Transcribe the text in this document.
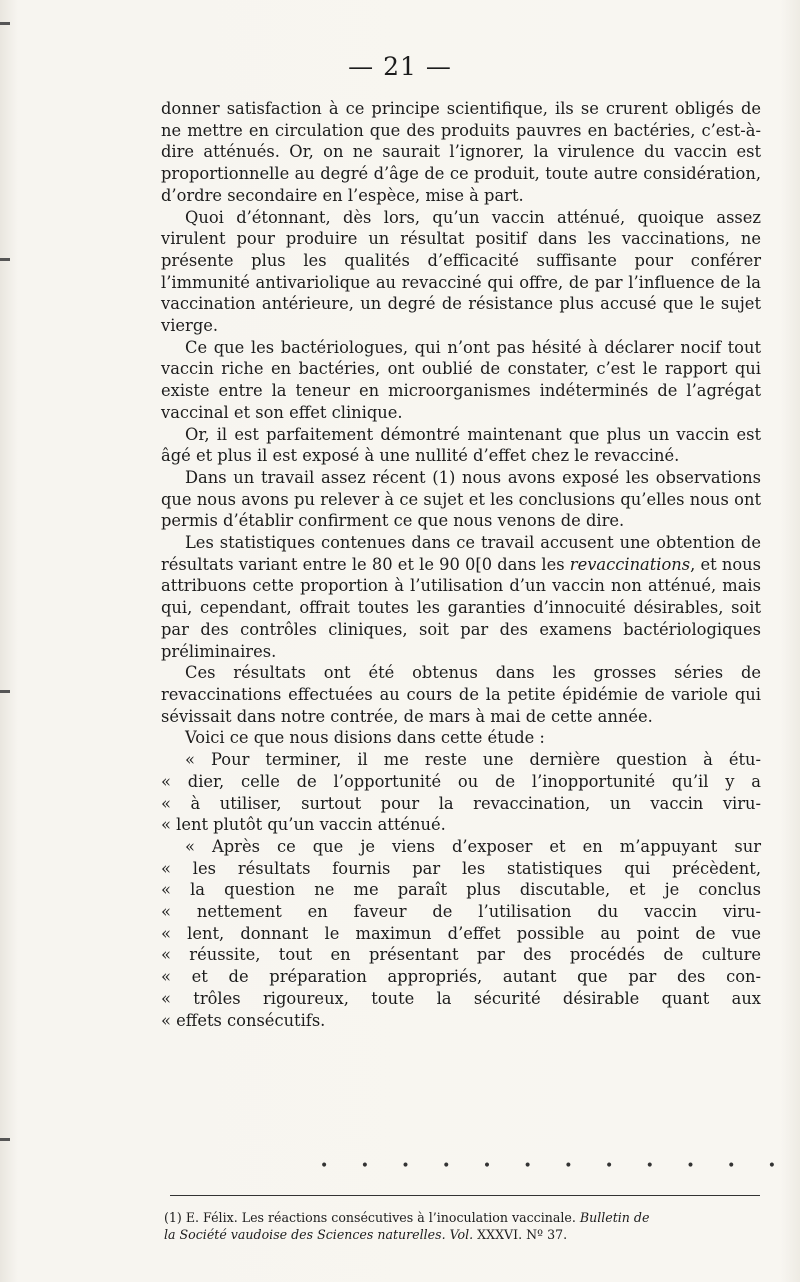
— 21 —

donner satisfaction à ce principe scientifique, ils se crurent obligés de ne mettre en circulation que des produits pauvres en bactéries, c’est-à-dire atténués. Or, on ne saurait l’ignorer, la virulence du vaccin est proportionnelle au degré d’âge de ce produit, toute autre considération, d’ordre secondaire en l’espèce, mise à part.

Quoi d’étonnant, dès lors, qu’un vaccin atténué, quoique assez virulent pour produire un résultat positif dans les vaccinations, ne présente plus les qualités d’efficacité suffisante pour conférer l’immunité antivariolique au revacciné qui offre, de par l’influence de la vaccination antérieure, un degré de résistance plus accusé que le sujet vierge.

Ce que les bactériologues, qui n’ont pas hésité à déclarer nocif tout vaccin riche en bactéries, ont oublié de constater, c’est le rapport qui existe entre la teneur en microorganismes indéterminés de l’agrégat vaccinal et son effet clinique.

Or, il est parfaitement démontré maintenant que plus un vaccin est âgé et plus il est exposé à une nullité d’effet chez le revacciné.

Dans un travail assez récent (1) nous avons exposé les observations que nous avons pu relever à ce sujet et les conclusions qu’elles nous ont permis d’établir confirment ce que nous venons de dire.

Les statistiques contenues dans ce travail accusent une obtention de résultats variant entre le 80 et le 90 0[0 dans les revaccinations, et nous attribuons cette proportion à l’utilisation d’un vaccin non atténué, mais qui, cependant, offrait toutes les garanties d’innocuité désirables, soit par des contrôles cliniques, soit par des examens bactériologiques préliminaires.

Ces résultats ont été obtenus dans les grosses séries de revaccinations effectuées au cours de la petite épidémie de variole qui sévissait dans notre contrée, de mars à mai de cette année.

Voici ce que nous disions dans cette étude :

« Pour terminer, il me reste une dernière question à étu-
« dier, celle de l’opportunité ou de l’inopportunité qu’il y a
« à utiliser, surtout pour la revaccination, un vaccin viru-
« lent plutôt qu’un vaccin atténué.
« Après ce que je viens d’exposer et en m’appuyant sur
« les résultats fournis par les statistiques qui précèdent,
« la question ne me paraît plus discutable, et je conclus
« nettement en faveur de l’utilisation du vaccin viru-
« lent, donnant le maximun d’effet possible au point de vue
« réussite, tout en présentant par des procédés de culture
« et de préparation appropriés, autant que par des con-
« trôles rigoureux, toute la sécurité désirable quant aux
« effets consécutifs.
• • • • • • • • • • • •
(1) E. Félix. Les réactions consécutives à l’inoculation vaccinale. Bulletin de
la Société vaudoise des Sciences naturelles. Vol. XXXVI. Nº 37.
